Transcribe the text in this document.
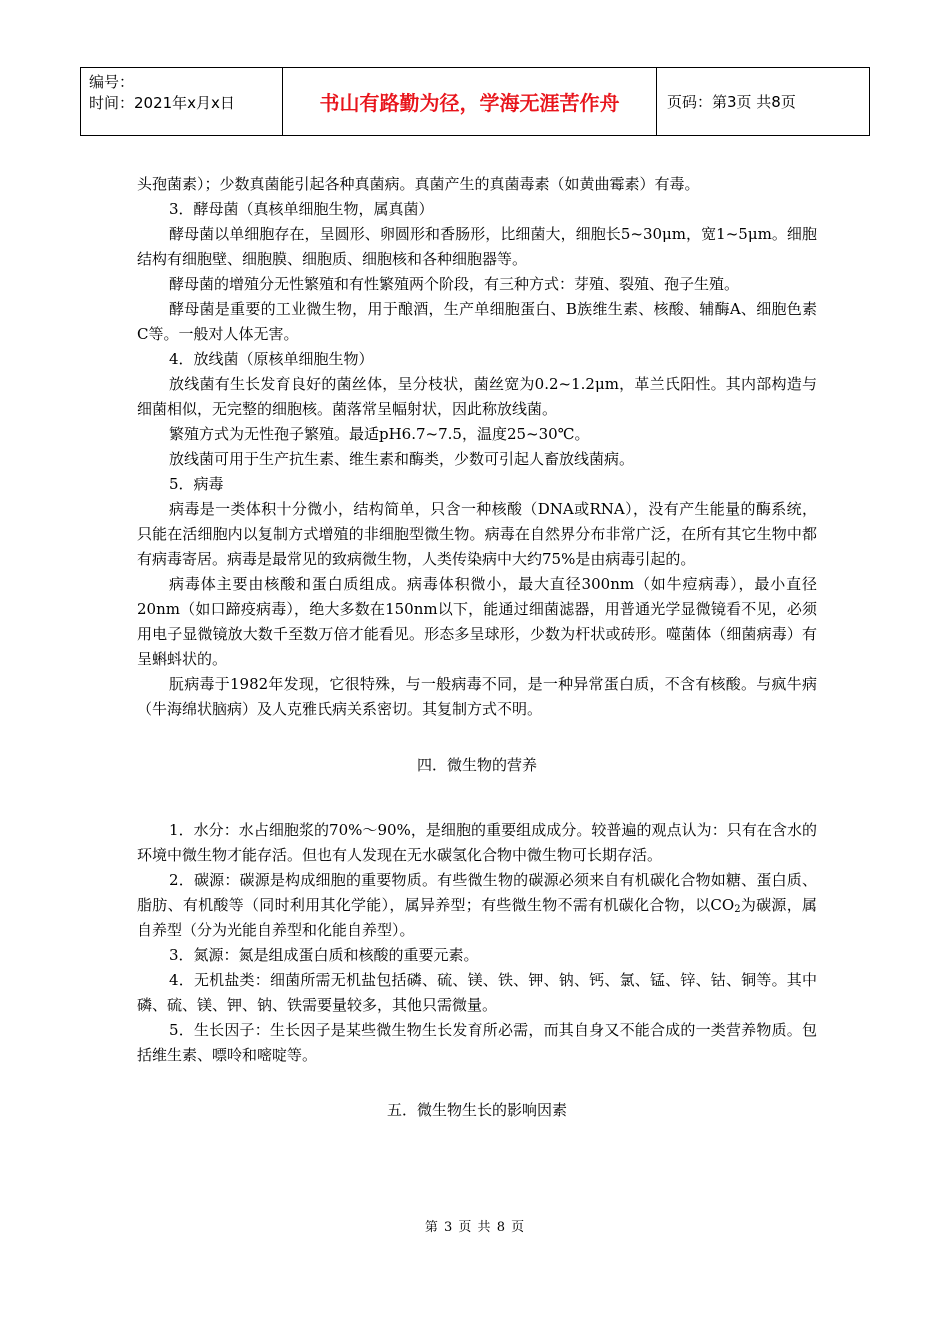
编号：
时间：2021年x月x日	书山有路勤为径，学海无涯苦作舟	页码：第3页 共8页

头孢菌素）；少数真菌能引起各种真菌病。真菌产生的真菌毒素（如黄曲霉素）有毒。

3．酵母菌（真核单细胞生物，属真菌）

酵母菌以单细胞存在，呈圆形、卵圆形和香肠形，比细菌大，细胞长5~30μm，宽1~5μm。细胞结构有细胞壁、细胞膜、细胞质、细胞核和各种细胞器等。

酵母菌的增殖分无性繁殖和有性繁殖两个阶段，有三种方式：芽殖、裂殖、孢子生殖。

酵母菌是重要的工业微生物，用于酿酒，生产单细胞蛋白、B族维生素、核酸、辅酶A、细胞色素C等。一般对人体无害。

4．放线菌（原核单细胞生物）

放线菌有生长发育良好的菌丝体，呈分枝状，菌丝宽为0.2~1.2μm，革兰氏阳性。其内部构造与细菌相似，无完整的细胞核。菌落常呈幅射状，因此称放线菌。

繁殖方式为无性孢子繁殖。最适pH6.7~7.5，温度25~30℃。

放线菌可用于生产抗生素、维生素和酶类，少数可引起人畜放线菌病。

5．病毒

病毒是一类体积十分微小，结构简单，只含一种核酸（DNA或RNA），没有产生能量的酶系统，只能在活细胞内以复制方式增殖的非细胞型微生物。病毒在自然界分布非常广泛，在所有其它生物中都有病毒寄居。病毒是最常见的致病微生物，人类传染病中大约75%是由病毒引起的。

病毒体主要由核酸和蛋白质组成。病毒体积微小，最大直径300nm（如牛痘病毒），最小直径20nm（如口蹄疫病毒），绝大多数在150nm以下，能通过细菌滤器，用普通光学显微镜看不见，必须用电子显微镜放大数千至数万倍才能看见。形态多呈球形，少数为杆状或砖形。噬菌体（细菌病毒）有呈蝌蚪状的。

朊病毒于1982年发现，它很特殊，与一般病毒不同，是一种异常蛋白质，不含有核酸。与疯牛病（牛海绵状脑病）及人克雅氏病关系密切。其复制方式不明。

四．微生物的营养

1．水分：水占细胞浆的70%～90%，是细胞的重要组成成分。较普遍的观点认为：只有在含水的环境中微生物才能存活。但也有人发现在无水碳氢化合物中微生物可长期存活。

2．碳源：碳源是构成细胞的重要物质。有些微生物的碳源必须来自有机碳化合物如糖、蛋白质、脂肪、有机酸等（同时利用其化学能），属异养型；有些微生物不需有机碳化合物，以$CO_2$为碳源，属自养型（分为光能自养型和化能自养型）。

3．氮源：氮是组成蛋白质和核酸的重要元素。

4．无机盐类：细菌所需无机盐包括磷、硫、镁、铁、钾、钠、钙、氯、锰、锌、钴、铜等。其中磷、硫、镁、钾、钠、铁需要量较多，其他只需微量。

5．生长因子：生长因子是某些微生物生长发育所必需，而其自身又不能合成的一类营养物质。包括维生素、嘌呤和嘧啶等。

五．微生物生长的影响因素

第 3 页 共 8 页
